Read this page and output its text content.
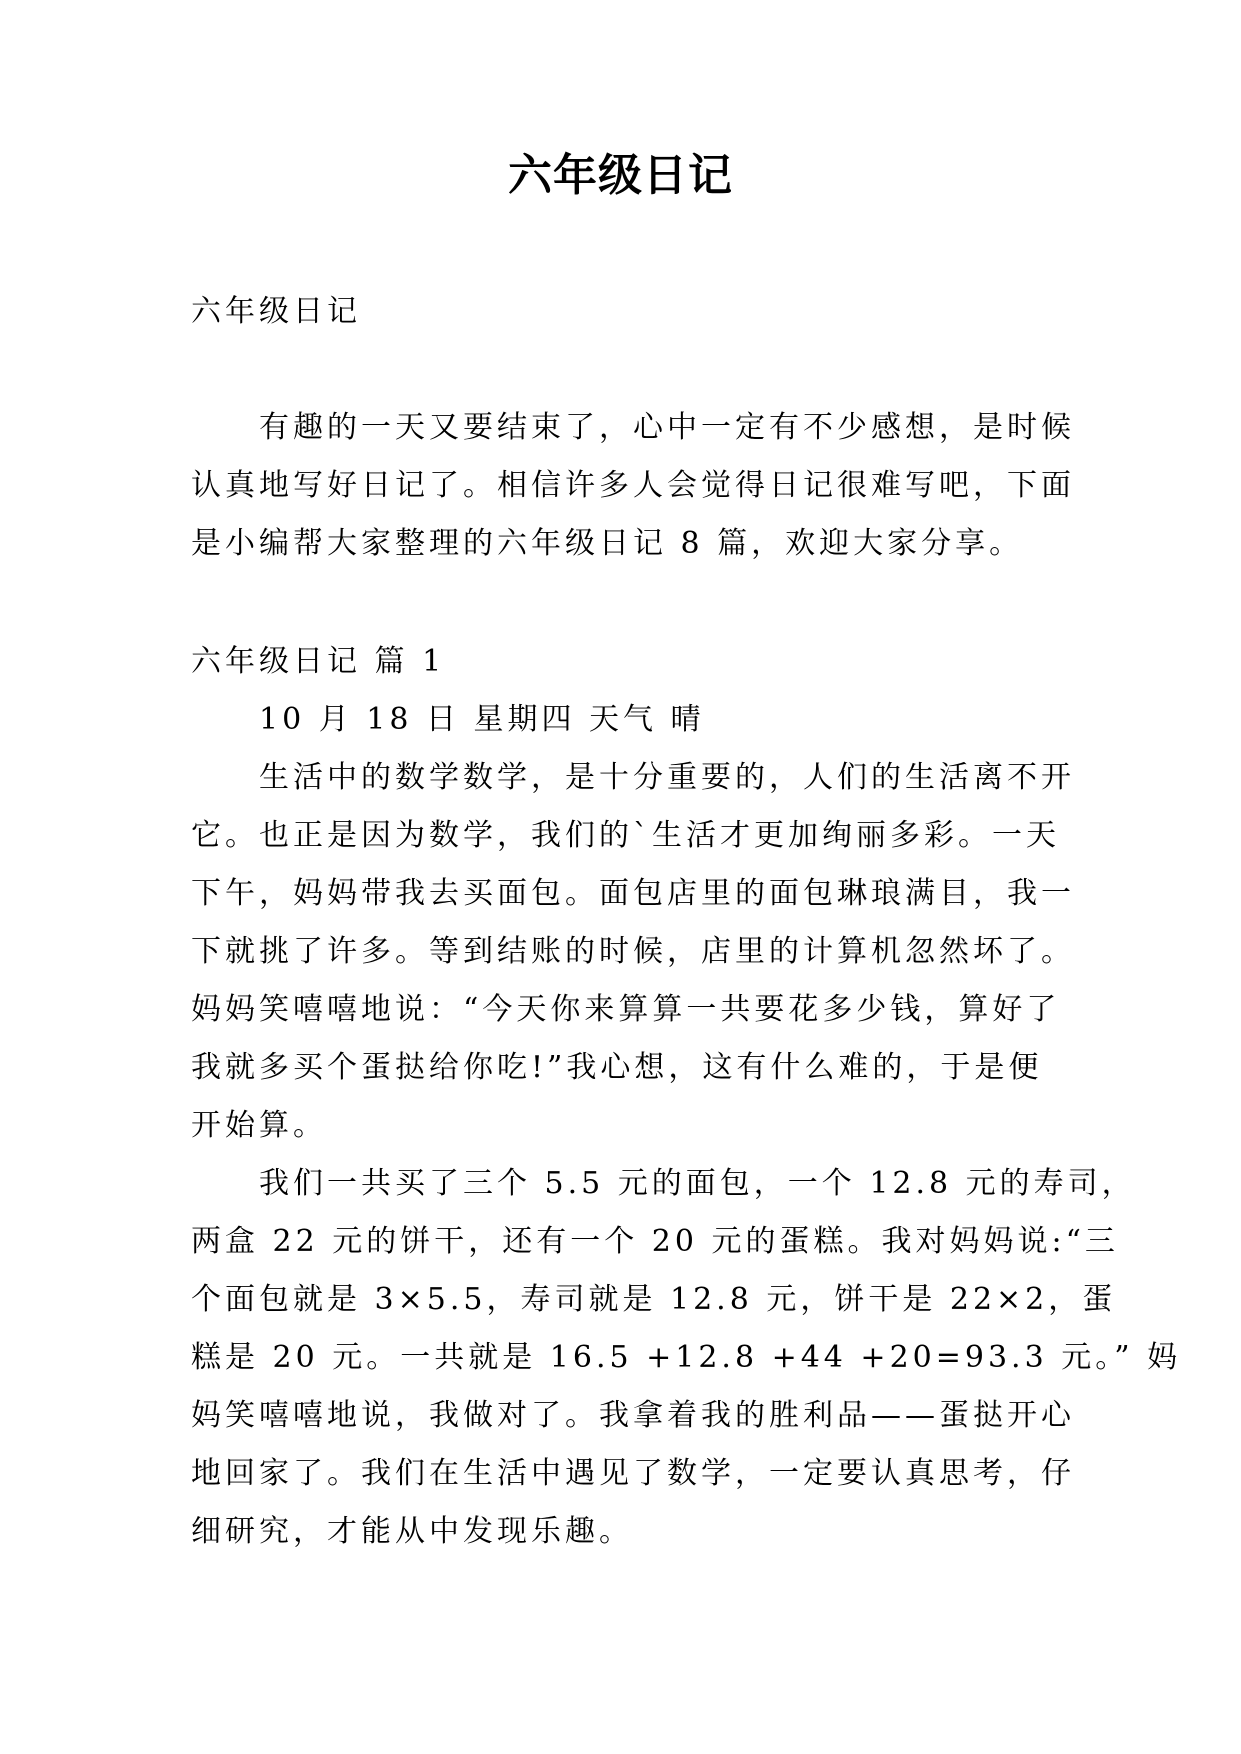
六年级日记
六年级日记
有趣的一天又要结束了，心中一定有不少感想，是时候
认真地写好日记了。相信许多人会觉得日记很难写吧，下面
是小编帮大家整理的六年级日记 8 篇，欢迎大家分享。
六年级日记 篇 1
10 月 18 日 星期四 天气 晴
生活中的数学数学，是十分重要的，人们的生活离不开
它。也正是因为数学，我们的`生活才更加绚丽多彩。一天
下午，妈妈带我去买面包。面包店里的面包琳琅满目，我一
下就挑了许多。等到结账的时候，店里的计算机忽然坏了。
妈妈笑嘻嘻地说：“今天你来算算一共要花多少钱，算好了
我就多买个蛋挞给你吃!”我心想，这有什么难的，于是便
开始算。
我们一共买了三个 5.5 元的面包，一个 12.8 元的寿司，
两盒 22 元的饼干，还有一个 20 元的蛋糕。我对妈妈说:“三
个面包就是 3×5.5，寿司就是 12.8 元，饼干是 22×2，蛋
糕是 20 元。一共就是 16.5 +12.8 +44 +20=93.3 元。” 妈
妈笑嘻嘻地说，我做对了。我拿着我的胜利品——蛋挞开心
地回家了。我们在生活中遇见了数学，一定要认真思考，仔
细研究，才能从中发现乐趣。
